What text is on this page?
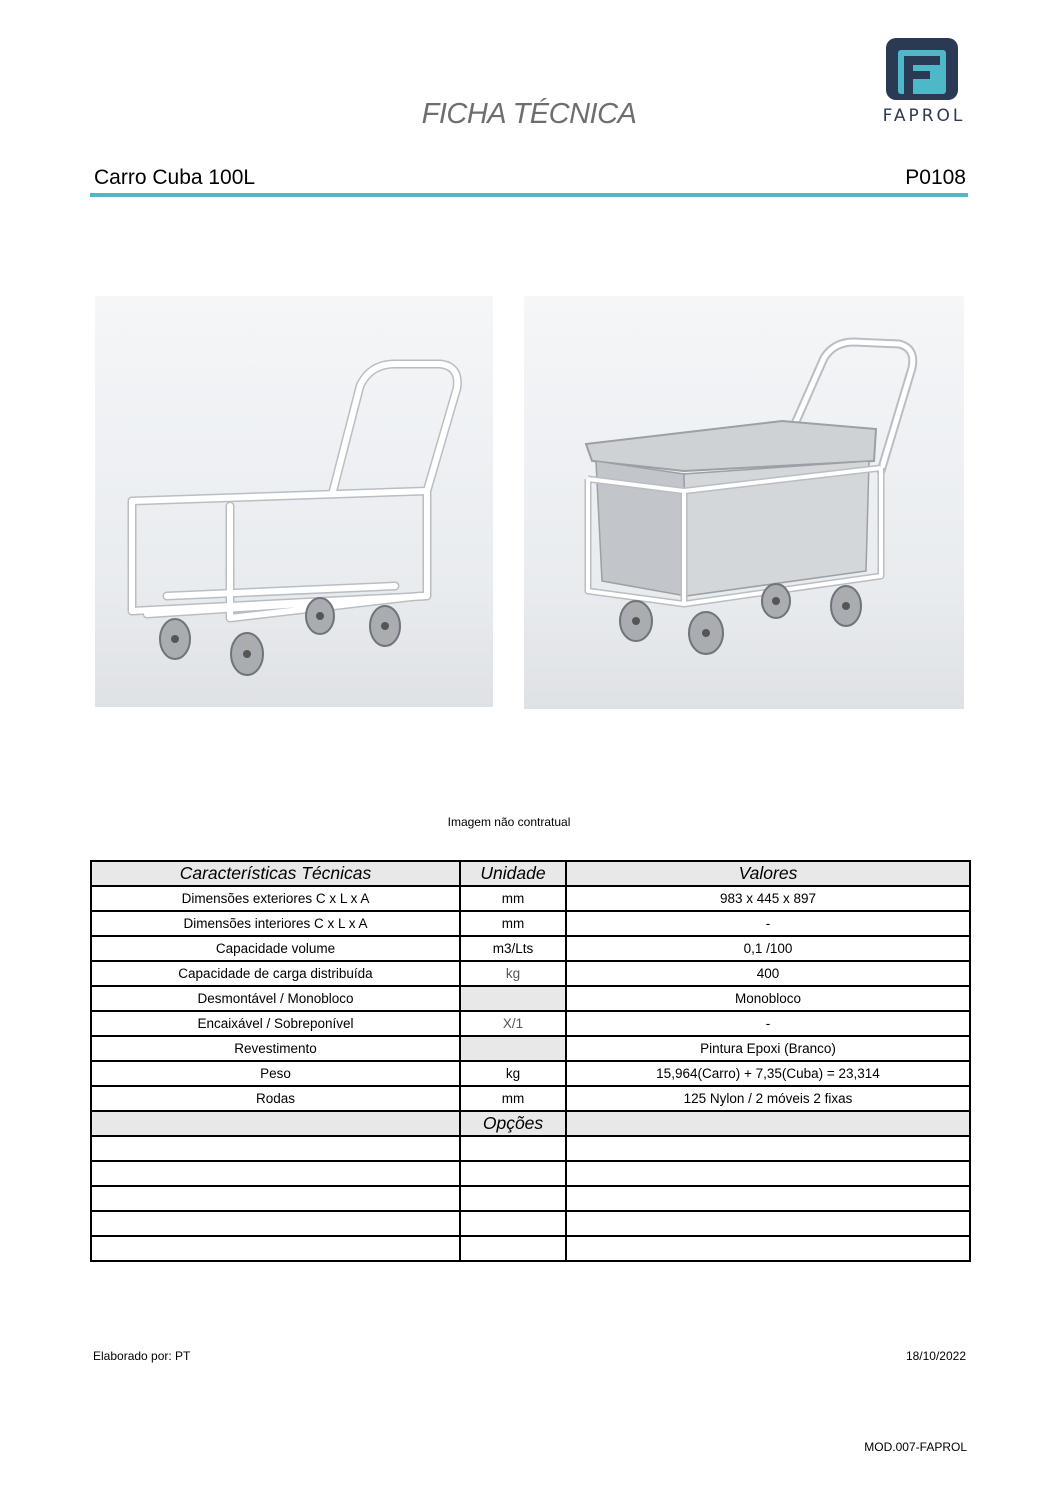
FICHA TÉCNICA	FAPROL
Carro Cuba 100L	P0108
Imagem não contratual
Características Técnicas	Unidade	Valores
Dimensões exteriores C x L x A	mm	983 x 445 x 897
Dimensões interiores C x L x A	mm	-
Capacidade volume	m3/Lts	0,1 /100
Capacidade de carga distribuída	kg	400
Desmontável / Monobloco		Monobloco
Encaixável / Sobreponível	X/1	-
Revestimento		Pintura Epoxi (Branco)
Peso	kg	15,964(Carro) + 7,35(Cuba) = 23,314
Rodas	mm	125 Nylon / 2 móveis 2 fixas
	Opções	

Elaborado por: PT	18/10/2022
MOD.007-FAPROL
